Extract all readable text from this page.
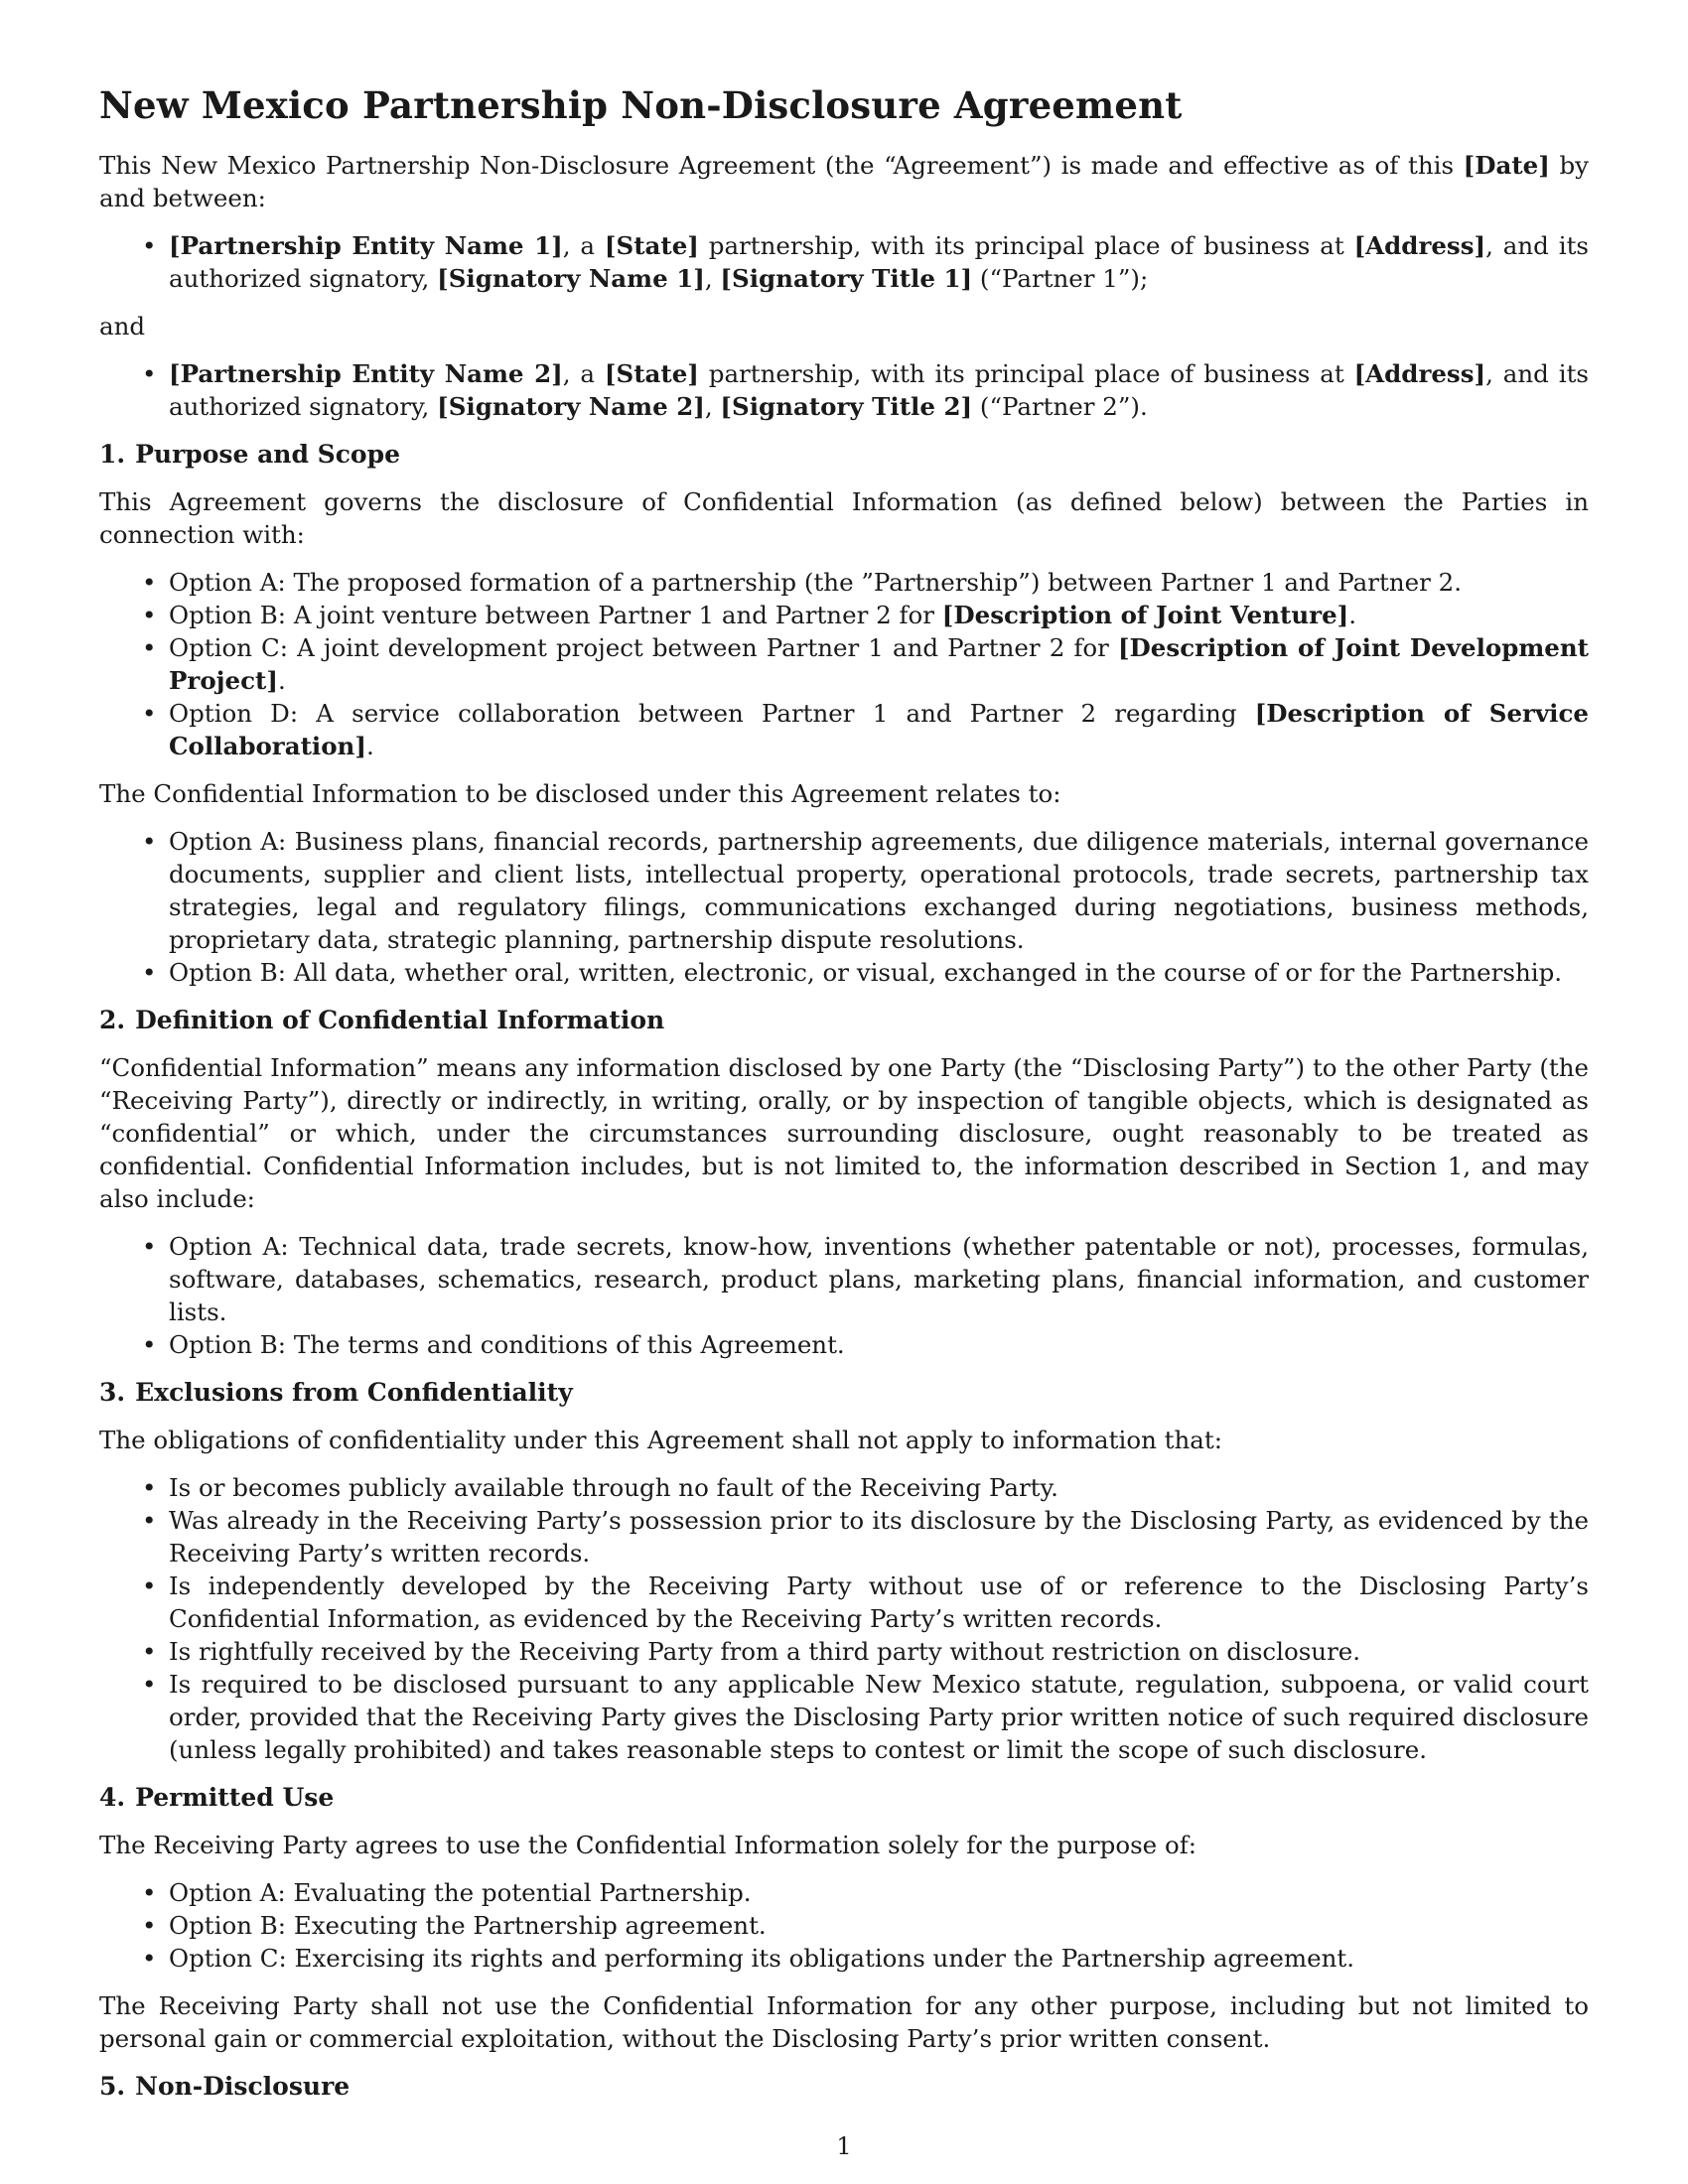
New Mexico Partnership Non-Disclosure Agreement

This New Mexico Partnership Non-Disclosure Agreement (the “Agreement”) is made and effective as of this [Date] by and between:

• [Partnership Entity Name 1], a [State] partnership, with its principal place of business at [Address], and its authorized signatory, [Signatory Name 1], [Signatory Title 1] (“Partner 1”);

and

• [Partnership Entity Name 2], a [State] partnership, with its principal place of business at [Address], and its authorized signatory, [Signatory Name 2], [Signatory Title 2] (“Partner 2”).
1. Purpose and Scope

This Agreement governs the disclosure of Confidential Information (as defined below) between the Parties in connection with:

• Option A: The proposed formation of a partnership (the ”Partnership”) between Partner 1 and Partner 2.
• Option B: A joint venture between Partner 1 and Partner 2 for [Description of Joint Venture].
• Option C: A joint development project between Partner 1 and Partner 2 for [Description of Joint Development Project].
• Option D: A service collaboration between Partner 1 and Partner 2 regarding [Description of Service Collaboration].

The Confidential Information to be disclosed under this Agreement relates to:

• Option A: Business plans, financial records, partnership agreements, due diligence materials, internal governance documents, supplier and client lists, intellectual property, operational protocols, trade secrets, partnership tax strategies, legal and regulatory filings, communications exchanged during negotiations, business methods, proprietary data, strategic planning, partnership dispute resolutions.
• Option B: All data, whether oral, written, electronic, or visual, exchanged in the course of or for the Partnership.
2. Definition of Confidential Information

“Confidential Information” means any information disclosed by one Party (the “Disclosing Party”) to the other Party (the “Receiving Party”), directly or indirectly, in writing, orally, or by inspection of tangible objects, which is designated as “confidential” or which, under the circumstances surrounding disclosure, ought reasonably to be treated as confidential. Confidential Information includes, but is not limited to, the information described in Section 1, and may also include:

• Option A: Technical data, trade secrets, know-how, inventions (whether patentable or not), processes, formulas, software, databases, schematics, research, product plans, marketing plans, financial information, and customer lists.
• Option B: The terms and conditions of this Agreement.
3. Exclusions from Confidentiality

The obligations of confidentiality under this Agreement shall not apply to information that:

• Is or becomes publicly available through no fault of the Receiving Party.
• Was already in the Receiving Party’s possession prior to its disclosure by the Disclosing Party, as evidenced by the Receiving Party’s written records.
• Is independently developed by the Receiving Party without use of or reference to the Disclosing Party’s Confidential Information, as evidenced by the Receiving Party’s written records.
• Is rightfully received by the Receiving Party from a third party without restriction on disclosure.
• Is required to be disclosed pursuant to any applicable New Mexico statute, regulation, subpoena, or valid court order, provided that the Receiving Party gives the Disclosing Party prior written notice of such required disclosure (unless legally prohibited) and takes reasonable steps to contest or limit the scope of such disclosure.
4. Permitted Use

The Receiving Party agrees to use the Confidential Information solely for the purpose of:

• Option A: Evaluating the potential Partnership.
• Option B: Executing the Partnership agreement.
• Option C: Exercising its rights and performing its obligations under the Partnership agreement.

The Receiving Party shall not use the Confidential Information for any other purpose, including but not limited to personal gain or commercial exploitation, without the Disclosing Party’s prior written consent.

5. Non-Disclosure
1
